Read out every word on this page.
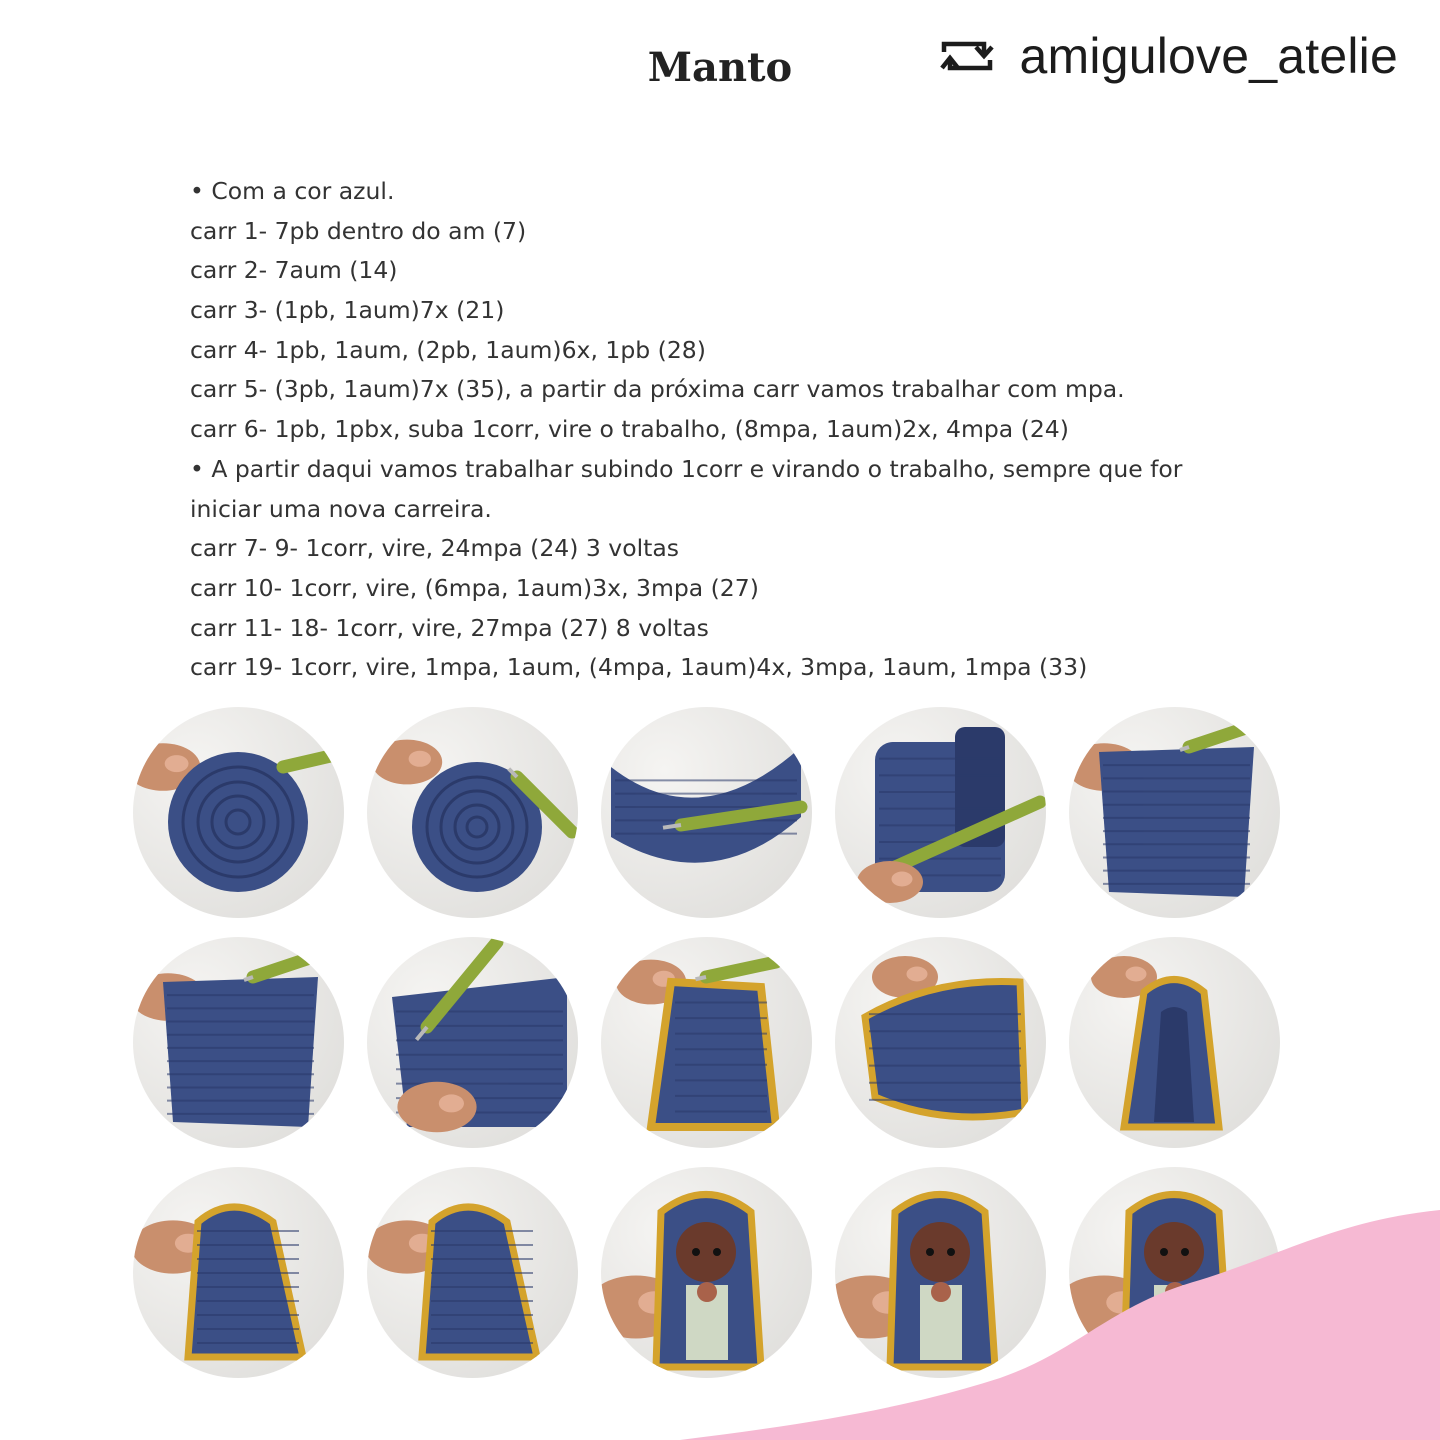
amigulove_atelie
Manto
• Com a cor azul.
carr 1- 7pb dentro do am (7)
carr 2- 7aum (14)
carr 3- (1pb, 1aum)7x (21)
carr 4- 1pb, 1aum, (2pb, 1aum)6x, 1pb (28)
carr 5- (3pb, 1aum)7x (35), a partir da próxima carr vamos trabalhar com mpa.
carr 6- 1pb, 1pbx, suba 1corr, vire o trabalho, (8mpa, 1aum)2x, 4mpa (24)
• A partir daqui vamos trabalhar subindo 1corr e virando o trabalho, sempre que for
iniciar uma nova carreira.
carr 7- 9- 1corr, vire, 24mpa (24) 3 voltas
carr 10- 1corr, vire, (6mpa, 1aum)3x, 3mpa (27)
carr 11- 18- 1corr, vire, 27mpa (27) 8 voltas
carr 19- 1corr, vire, 1mpa, 1aum, (4mpa, 1aum)4x, 3mpa, 1aum, 1mpa (33)
